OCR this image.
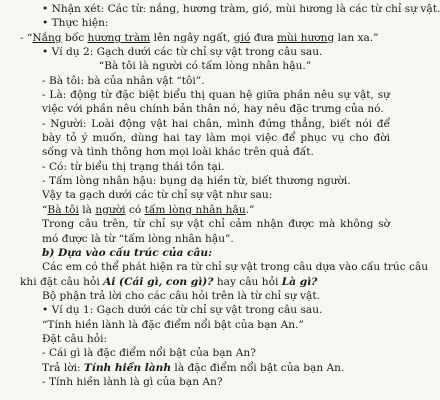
• Nhận xét: Các từ: nắng, hương tràm, gió, mùi hương là các từ chỉ sự vật.
• Thực hiện:
- “Nắng bốc hương tràm lên ngây ngất, gió đưa mùi hương lan xa.”
• Ví dụ 2: Gạch dưới các từ chỉ sự vật trong câu sau.
“Bà tôi là người có tấm lòng nhân hậu.”
- Bà tôi: bà của nhân vật “tôi”.
- Là: động từ đặc biệt biểu thị quan hệ giữa phần nêu sự vật, sự việc với phần nêu chính bản thân nó, hay nêu đặc trưng của nó.
- Người: Loài động vật hai chân, mình đứng thẳng, biết nói để bày tỏ ý muốn, dùng hai tay làm mọi việc để phục vụ cho đời sống và tình thông hơn mọi loài khác trên quả đất.
- Có: từ biểu thị trạng thái tồn tại.
- Tấm lòng nhân hậu: bụng dạ hiền từ, biết thương người.
Vậy ta gạch dưới các từ chỉ sự vật như sau:
“Bà tôi là người có tấm lòng nhân hậu.”
Trong câu trên, từ chỉ sự vật chỉ cảm nhận được mà không sờ mó được là từ “tấm lòng nhân hậu”.
b) Dựa vào cấu trúc của câu:
Các em có thể phát hiện ra từ chỉ sự vật trong câu dựa vào cấu trúc câu
khi đặt câu hỏi Ai (Cái gì, con gì)? hay câu hỏi Là gì?
Bộ phận trả lời cho các câu hỏi trên là từ chỉ sự vật.
• Ví dụ 1: Gạch dưới các từ chỉ sự vật trong câu sau.
“Tính hiền lành là đặc điểm nổi bật của bạn An.”
Đặt câu hỏi:
- Cái gì là đặc điểm nổi bật của bạn An?
Trả lời: Tính hiền lành là đặc điểm nổi bật của bạn An.
- Tính hiền lành là gì của bạn An?
